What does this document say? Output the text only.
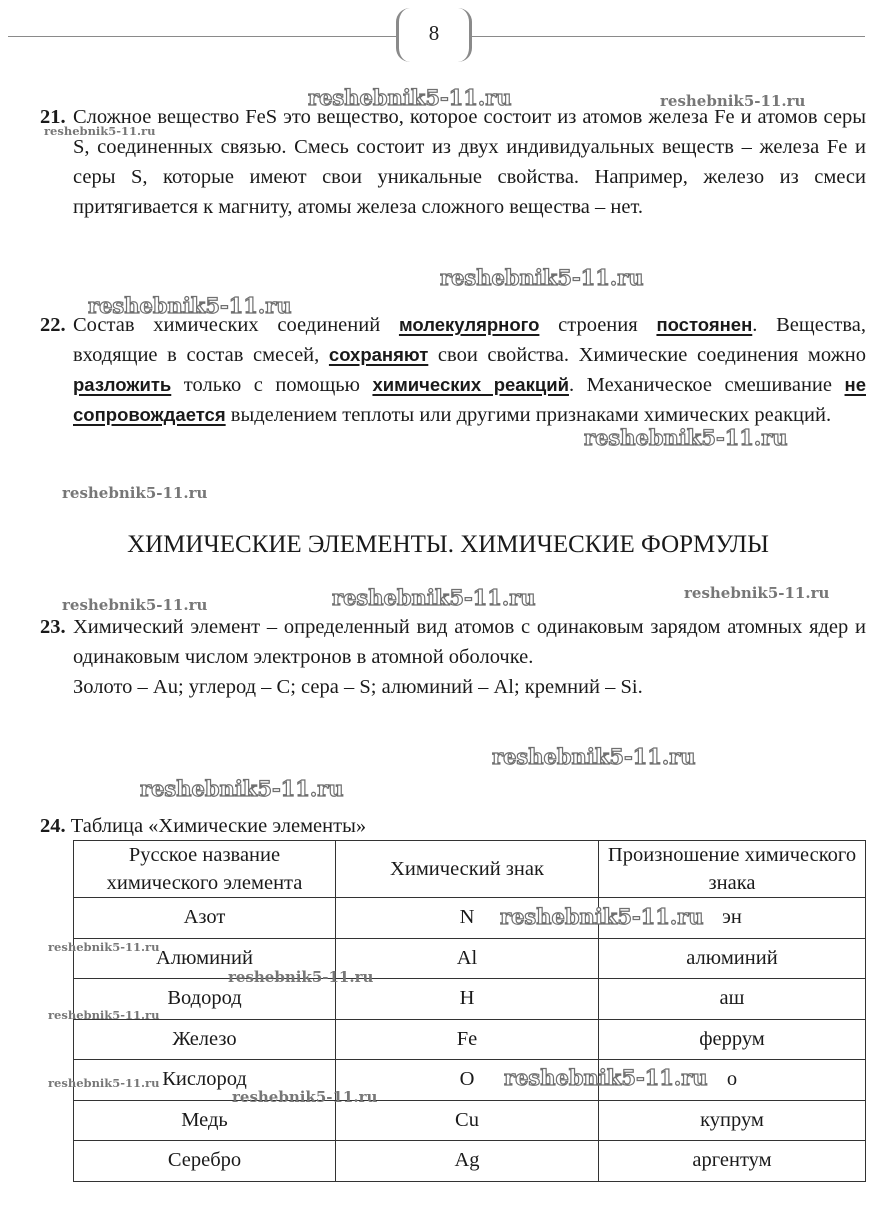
8
21. Сложное вещество FeS это вещество, которое состоит из атомов железа Fe и атомов серы S, соединенных связью. Смесь состоит из двух индивидуальных веществ – железа Fe и серы S, которые имеют свои уникальные свойства. Например, железо из смеси притягивается к магниту, атомы железа сложного вещества – нет.
22. Состав химических соединений молекулярного строения постоянен. Вещества, входящие в состав смесей, сохраняют свои свойства. Химические соединения можно разложить только с помощью химических реакций. Механическое смешивание не сопровождается выделением теплоты или другими признаками химических реакций.
ХИМИЧЕСКИЕ ЭЛЕМЕНТЫ. ХИМИЧЕСКИЕ ФОРМУЛЫ
23. Химический элемент – определенный вид атомов с одинаковым зарядом атомных ядер и одинаковым числом электронов в атомной оболочке.
Золото – Au; углерод – C; сера – S; алюминий – Al; кремний – Si.
24. Таблица «Химические элементы»
Русское название химического элемента	Химический знак	Произношение химического знака
Азот	N	эн
Алюминий	Al	алюминий
Водород	H	аш
Железо	Fe	феррум
Кислород	O	о
Медь	Cu	купрум
Серебро	Ag	аргентум
reshebnik5-11.ru	reshebnik5-11.ru
reshebnik5-11.ru
reshebnik5-11.ru
reshebnik5-11.ru
reshebnik5-11.ru
reshebnik5-11.ru
reshebnik5-11.ru	reshebnik5-11.ru
reshebnik5-11.ru
reshebnik5-11.ru
reshebnik5-11.ru
reshebnik5-11.ru
reshebnik5-11.ru
reshebnik5-11.ru
reshebnik5-11.ru
reshebnik5-11.ru	reshebnik5-11.ru
reshebnik5-11.ru
